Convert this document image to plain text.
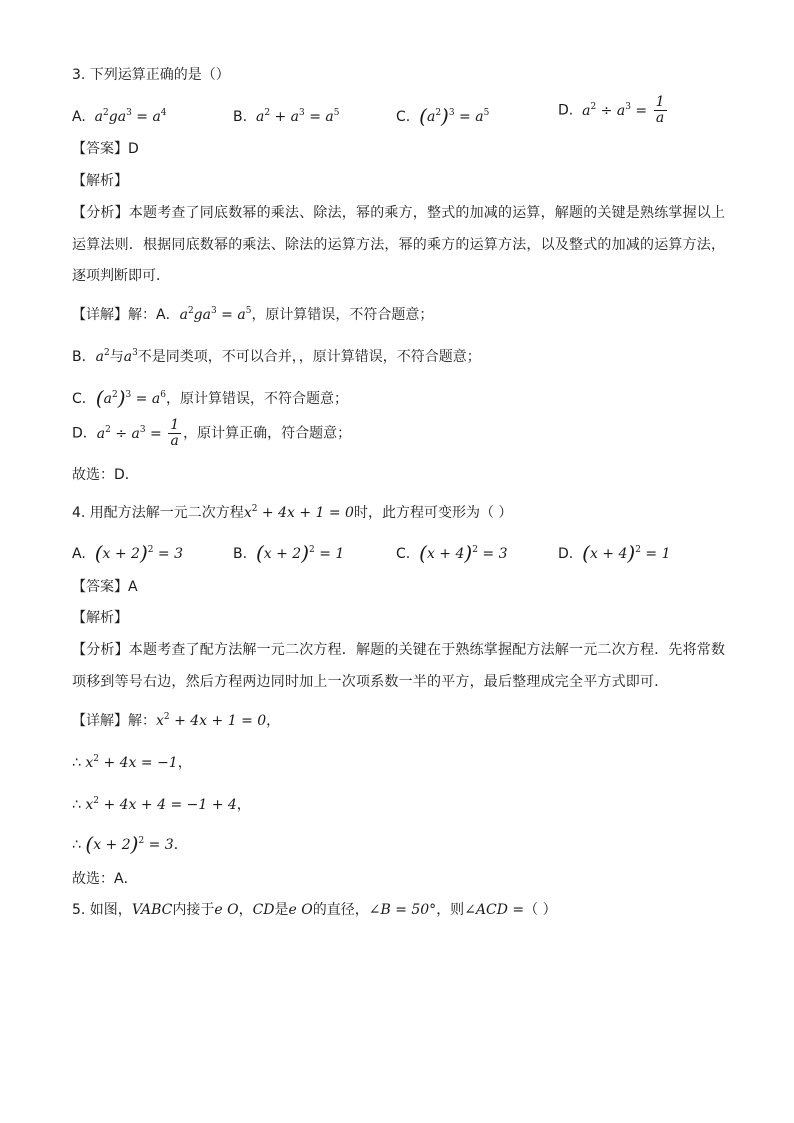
3. 下列运算正确的是（）
A.  $a^2ga^3 = a^4$	B.  $a^2 + a^3 = a^5$	C. $(a^2)^3 = a^5$	D.  $a^2 \div a^3 = \frac{1}{a}$
【答案】D
【解析】
【分析】本题考查了同底数幂的乘法、除法，幂的乘方，整式的加减的运算，解题的关键是熟练掌握以上
运算法则．根据同底数幂的乘法、除法的运算方法，幂的乘方的运算方法，以及整式的加减的运算方法，
逐项判断即可．
【详解】解：A．$a^2ga^3 = a^5$，原计算错误，不符合题意；
B．$a^2$与$a^3$不是同类项，不可以合并，，原计算错误，不符合题意；
C．$(a^2)^3 = a^6$，原计算错误，不符合题意；
D．$a^2 \div a^3 = \frac{1}{a}$ ，原计算正确，符合题意；
故选：D．
4. 用配方法解一元二次方程$x^2 + 4x + 1 = 0$时，此方程可变形为（ ）
A. $(x + 2)^2 = 3$	B. $(x + 2)^2 = 1$	C. $(x + 4)^2 = 3$	D. $(x + 4)^2 = 1$
【答案】A
【解析】
【分析】本题考查了配方法解一元二次方程．解题的关键在于熟练掌握配方法解一元二次方程．先将常数
项移到等号右边，然后方程两边同时加上一次项系数一半的平方，最后整理成完全平方式即可．
【详解】解：$x^2 + 4x + 1 = 0$，
∴ $x^2 + 4x = -1$，
∴ $x^2 + 4x + 4 = -1 + 4$，
∴ $(x + 2)^2 = 3$．
故选：A．
5. 如图，VABC内接于e O，CD是e O的直径，∠B = 50°，则∠ACD =（ ）
